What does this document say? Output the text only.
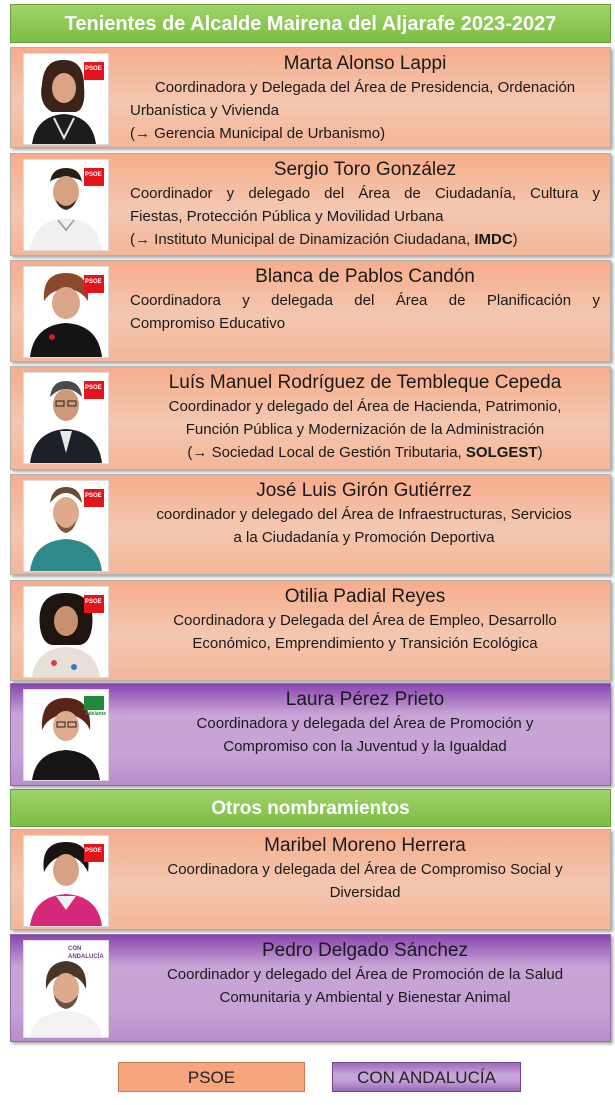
Tenientes de Alcalde Mairena del Aljarafe 2023-2027
PSOE	Marta Alonso Lappi
Coordinadora y Delegada del Área de Presidencia, Ordenación
Urbanística y Vivienda
(→ Gerencia Municipal de Urbanismo)
PSOE	Sergio Toro González
Coordinador y delegado del Área de Ciudadanía, Cultura y
Fiestas, Protección Pública y Movilidad Urbana
(→ Instituto Municipal de Dinamización Ciudadana, IMDC)
PSOE	Blanca de Pablos Candón
Coordinadora y delegada del Área de Planificación y
Compromiso Educativo
PSOE	Luís Manuel Rodríguez de Tembleque Cepeda
Coordinador y delegado del Área de Hacienda, Patrimonio,
Función Pública y Modernización de la Administración
(→ Sociedad Local de Gestión Tributaria, SOLGEST)
PSOE	José Luis Girón Gutiérrez
coordinador y delegado del Área de Infraestructuras, Servicios
a la Ciudadanía y Promoción Deportiva
PSOE	Otilia Padial Reyes
Coordinadora y Delegada del Área de Empleo, Desarrollo
Económico, Emprendimiento y Transición Ecológica
Adelante
Laura Pérez Prieto
Coordinadora y delegada del Área de Promoción y
Compromiso con la Juventud y la Igualdad
Otros nombramientos
PSOE	Maribel Moreno Herrera
Coordinadora y delegada del Área de Compromiso Social y
Diversidad
CON ANDALUCÍA	Pedro Delgado Sánchez
Coordinador y delegado del Área de Promoción de la Salud
Comunitaria y Ambiental y Bienestar Animal
PSOE	CON ANDALUCÍA
